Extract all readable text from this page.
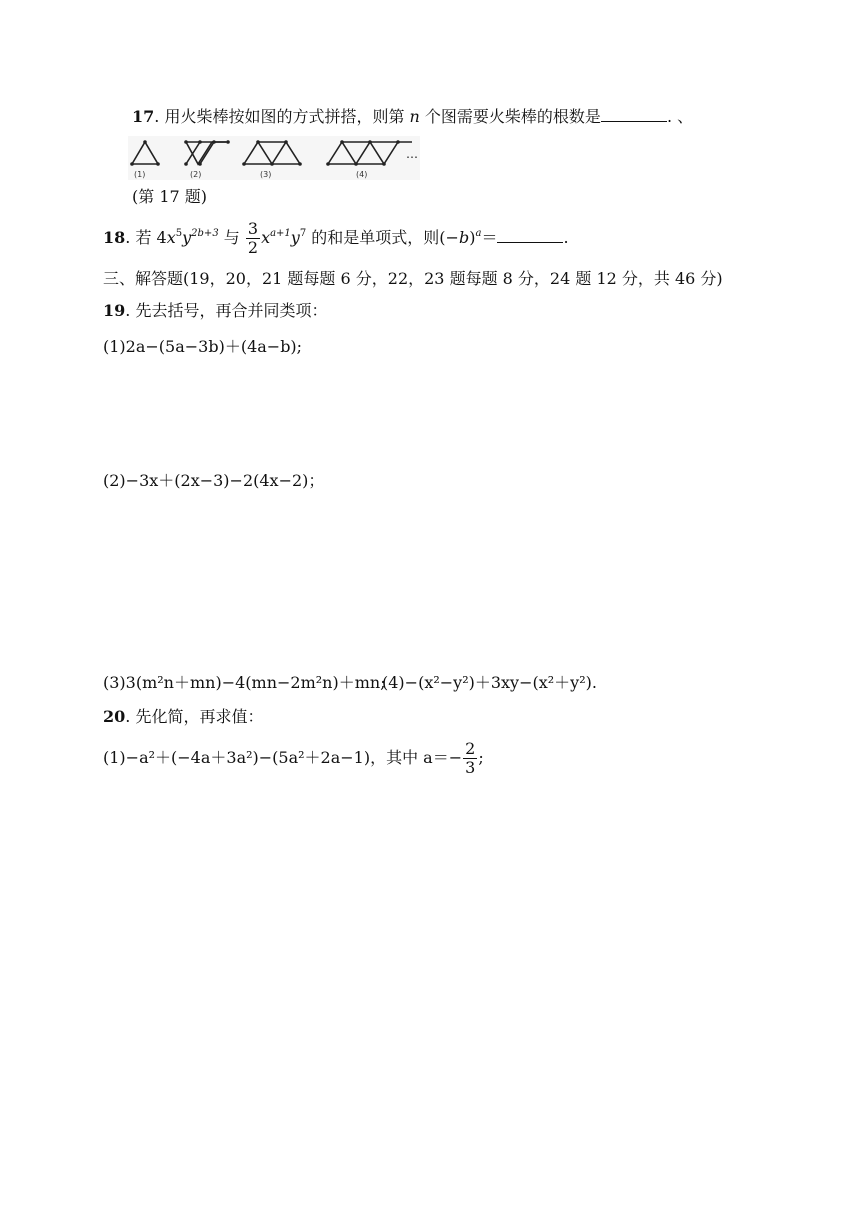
17. 用火柴棒按如图的方式拼搭，则第 n 个图需要火柴棒的根数是	. 、
(1)	(2)	(3)	(4)
…
(第 17 题)
18. 若 $4x^5y^{2b+3}$ 与 $\frac{3}{2} x^{a+1}y^7$ 的和是单项式，则$(-b)^a=$	.
三、解答题(19，20，21 题每题 6 分，22，23 题每题 8 分，24 题 12 分，共 46 分)
19. 先去括号，再合并同类项：
(1)2a−(5a−3b)＋(4a−b);
(2)−3x＋(2x−3)−2(4x−2)；
(3)3(m²n＋mn)−4(mn−2m²n)＋mn;
(4)−(x²−y²)＋3xy−(x²＋y²).
20. 先化简，再求值：
(1)−a²＋(−4a＋3a²)−(5a²＋2a−1)，其中 $a=- \frac{2}{3}$ ;
